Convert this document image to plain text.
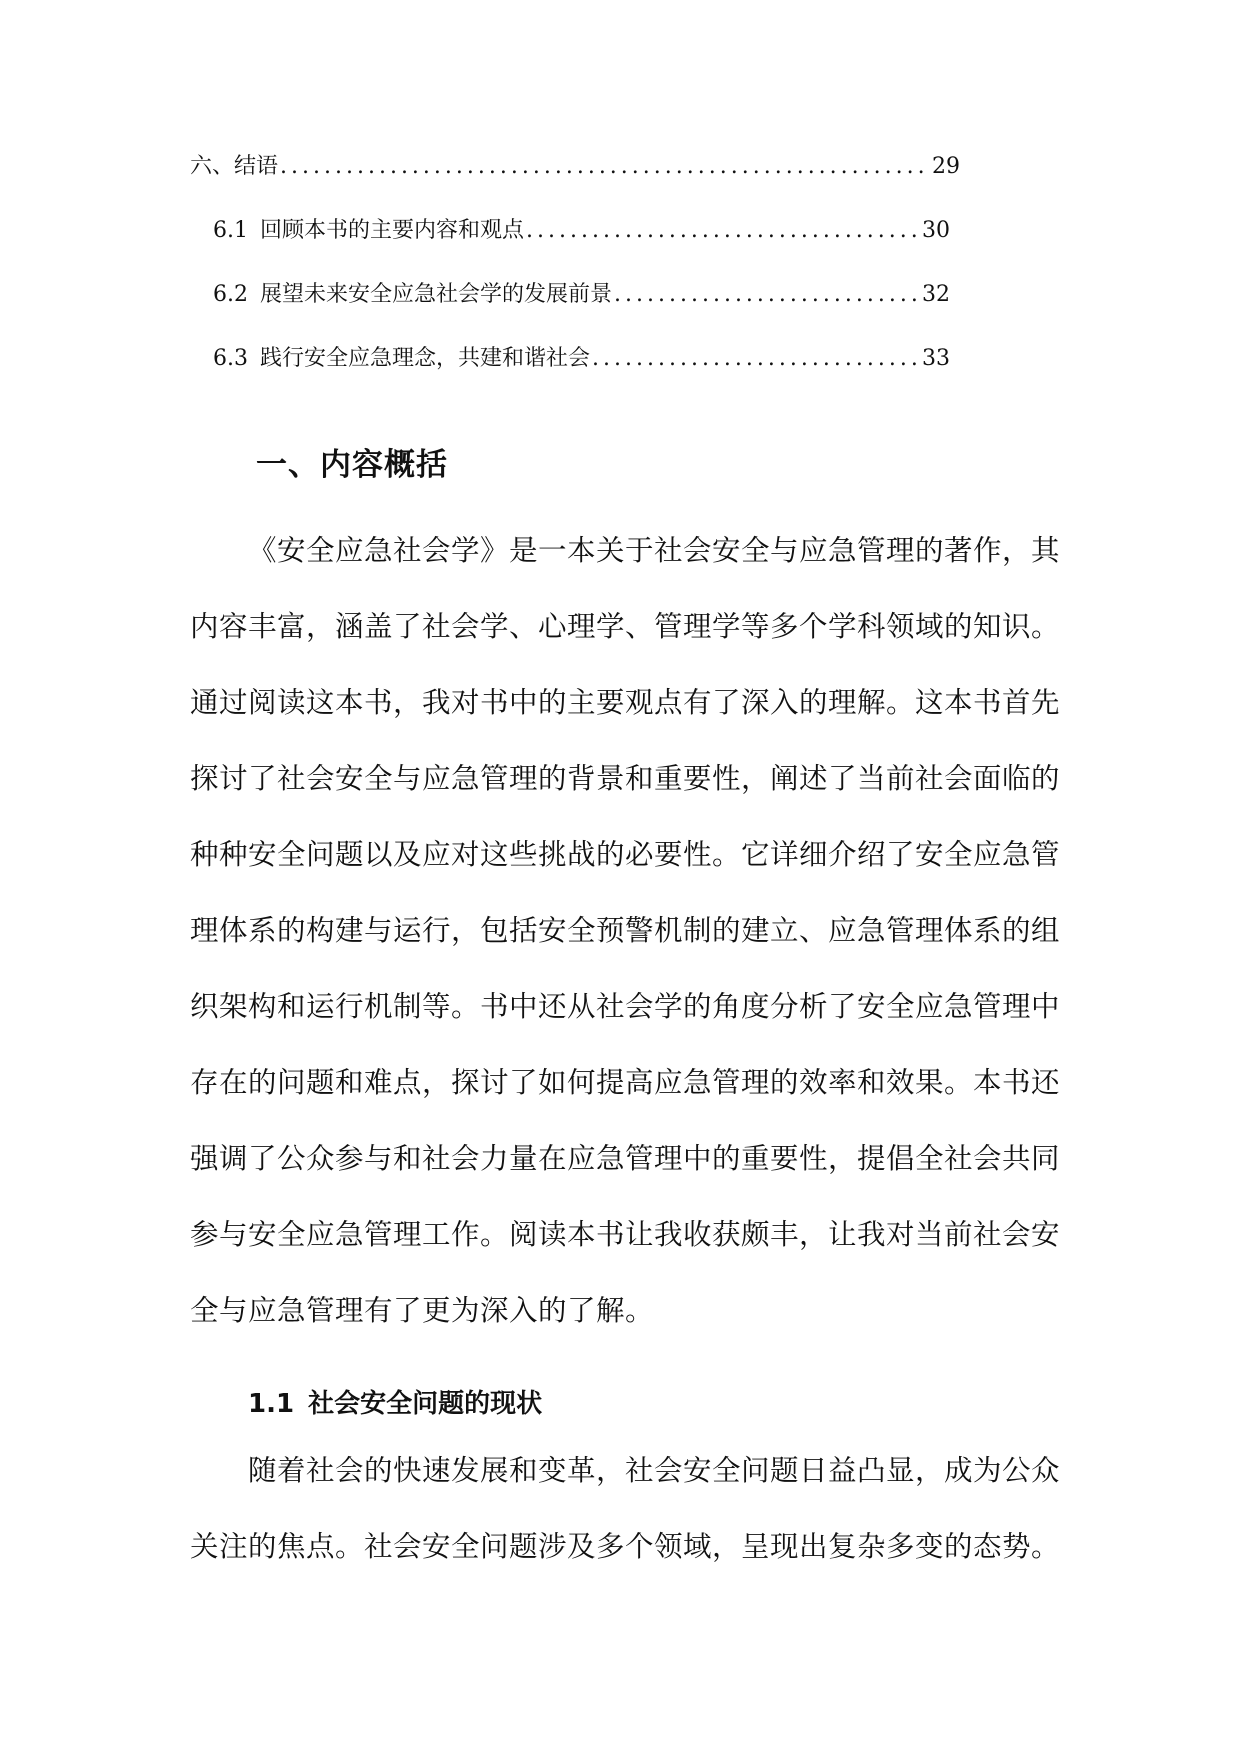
六、结语 .....	29
6.1 回顾本书的主要内容和观点 .....	30
6.2 展望未来安全应急社会学的发展前景 .....	32
6.3 践行安全应急理念，共建和谐社会 .....	33
一、内容概括

《安全应急社会学》是一本关于社会安全与应急管理的著作，其内容丰富，涵盖了社会学、心理学、管理学等多个学科领域的知识。通过阅读这本书，我对书中的主要观点有了深入的理解。这本书首先探讨了社会安全与应急管理的背景和重要性，阐述了当前社会面临的种种安全问题以及应对这些挑战的必要性。它详细介绍了安全应急管理体系的构建与运行，包括安全预警机制的建立、应急管理体系的组织架构和运行机制等。书中还从社会学的角度分析了安全应急管理中存在的问题和难点，探讨了如何提高应急管理的效率和效果。本书还强调了公众参与和社会力量在应急管理中的重要性，提倡全社会共同参与安全应急管理工作。阅读本书让我收获颇丰，让我对当前社会安全与应急管理有了更为深入的了解。

1.1 社会安全问题的现状

随着社会的快速发展和变革，社会安全问题日益凸显，成为公众关注的焦点。社会安全问题涉及多个领域，呈现出复杂多变的态势。
